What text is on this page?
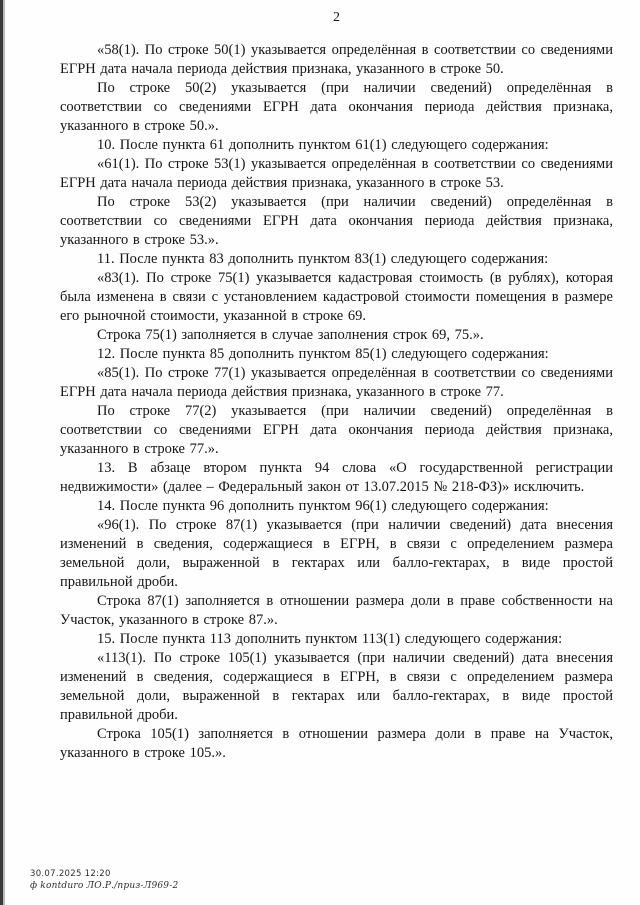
2

«58(1). По строке 50(1) указывается определённая в соответствии со сведениями ЕГРН дата начала периода действия признака, указанного в строке 50.

По строке 50(2) указывается (при наличии сведений) определённая в соответствии со сведениями ЕГРН дата окончания периода действия признака, указанного в строке 50.».

10. После пункта 61 дополнить пунктом 61(1) следующего содержания:

«61(1). По строке 53(1) указывается определённая в соответствии со сведениями ЕГРН дата начала периода действия признака, указанного в строке 53.

По строке 53(2) указывается (при наличии сведений) определённая в соответствии со сведениями ЕГРН дата окончания периода действия признака, указанного в строке 53.».

11. После пункта 83 дополнить пунктом 83(1) следующего содержания:

«83(1). По строке 75(1) указывается кадастровая стоимость (в рублях), которая была изменена в связи с установлением кадастровой стоимости помещения в размере его рыночной стоимости, указанной в строке 69.

Строка 75(1) заполняется в случае заполнения строк 69, 75.».

12. После пункта 85 дополнить пунктом 85(1) следующего содержания:

«85(1). По строке 77(1) указывается определённая в соответствии со сведениями ЕГРН дата начала периода действия признака, указанного в строке 77.

По строке 77(2) указывается (при наличии сведений) определённая в соответствии со сведениями ЕГРН дата окончания периода действия признака, указанного в строке 77.».

13. В абзаце втором пункта 94 слова «О государственной регистрации недвижимости» (далее – Федеральный закон от 13.07.2015 № 218-ФЗ)» исключить.

14. После пункта 96 дополнить пунктом 96(1) следующего содержания:

«96(1). По строке 87(1) указывается (при наличии сведений) дата внесения изменений в сведения, содержащиеся в ЕГРН, в связи с определением размера земельной доли, выраженной в гектарах или балло-гектарах, в виде простой правильной дроби.

Строка 87(1) заполняется в отношении размера доли в праве собственности на Участок, указанного в строке 87.».

15. После пункта 113 дополнить пунктом 113(1) следующего содержания:

«113(1). По строке 105(1) указывается (при наличии сведений) дата внесения изменений в сведения, содержащиеся в ЕГРН, в связи с определением размера земельной доли, выраженной в гектарах или балло-гектарах, в виде простой правильной дроби.

Строка 105(1) заполняется в отношении размера доли в праве на Участок, указанного в строке 105.».

30.07.2025 12:20
ф kontduro ЛО.Р./приз-Л969-2
